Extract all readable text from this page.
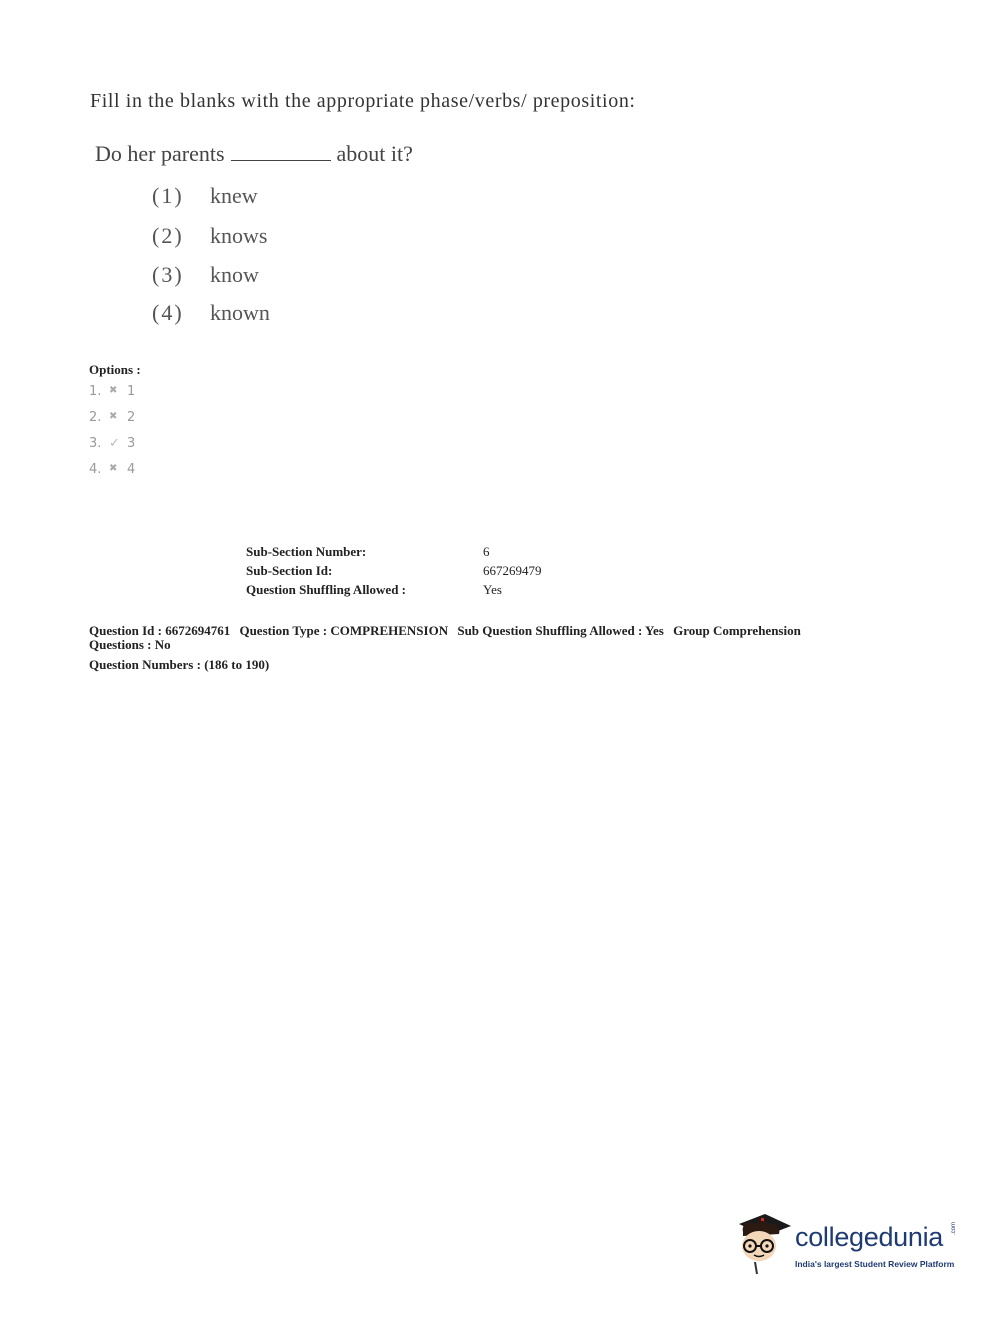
Fill in the blanks with the appropriate phase/verbs/ preposition:
Do her parents	about it?
(1) knew
(2) knows
(3) know
(4) known
Options :
1. ✖ 1
2. ✖ 2
3. ✓ 3
4. ✖ 4
Sub-Section Number:	6
Sub-Section Id:	667269479
Question Shuffling Allowed :	Yes
Question Id : 6672694761 Question Type : COMPREHENSION Sub Question Shuffling Allowed : Yes Group Comprehension Questions : No
Question Numbers : (186 to 190)
collegedunia .com
India's largest Student Review Platform
